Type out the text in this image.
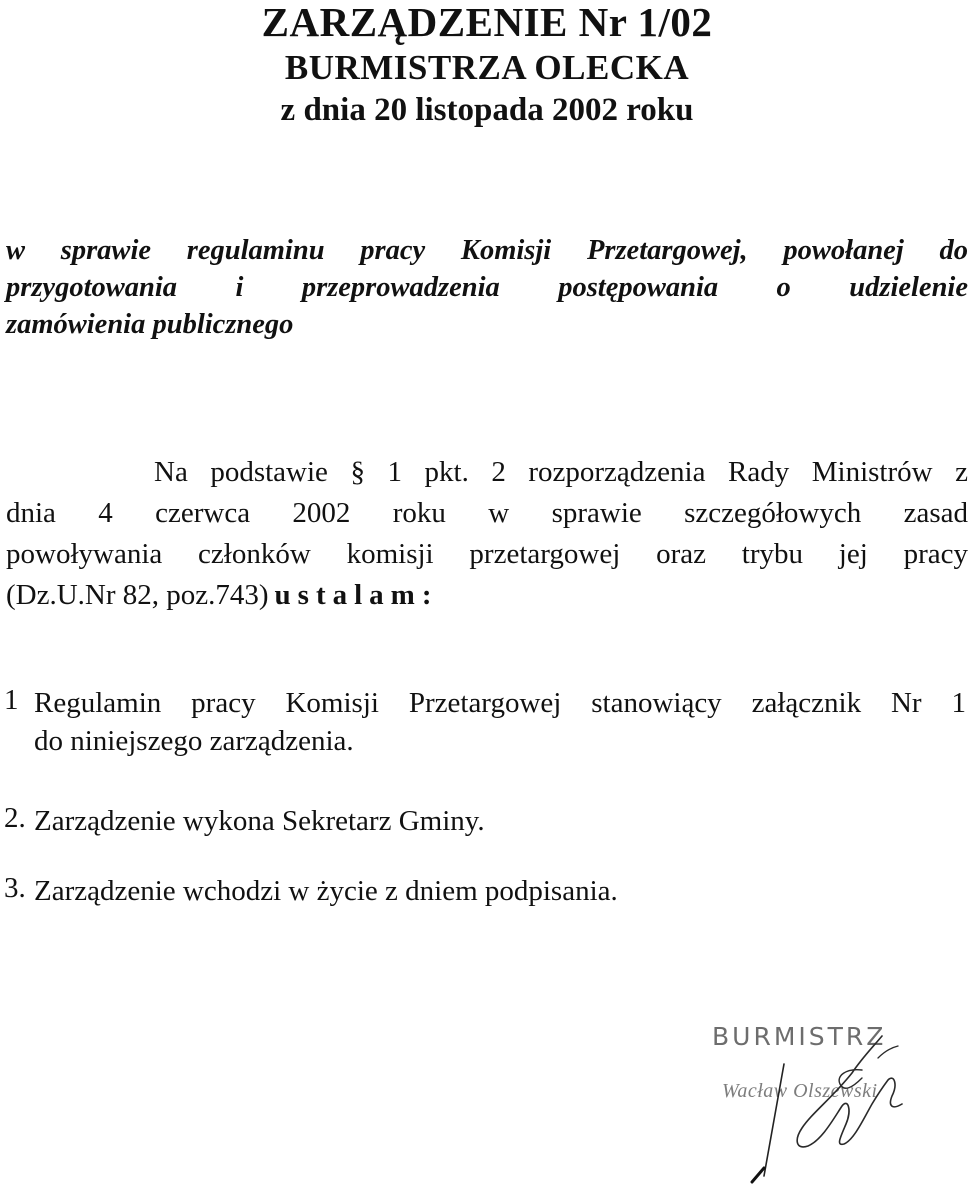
ZARZĄDZENIE Nr 1/02
BURMISTRZA OLECKA
z dnia 20 listopada 2002 roku
w sprawie regulaminu pracy Komisji Przetargowej, powołanej do
przygotowania i przeprowadzenia postępowania o udzielenie
zamówienia publicznego
Na podstawie § 1 pkt. 2 rozporządzenia Rady Ministrów z
dnia 4 czerwca 2002 roku w sprawie szczegółowych zasad
powoływania członków komisji przetargowej oraz trybu jej pracy
(Dz.U.Nr 82, poz.743) ustalam:
1 Regulamin pracy Komisji Przetargowej stanowiący załącznik Nr 1
do niniejszego zarządzenia.
2. Zarządzenie wykona Sekretarz Gminy.
3. Zarządzenie wchodzi w życie z dniem podpisania.
BURMISTRZ
Wacław Olszewski
